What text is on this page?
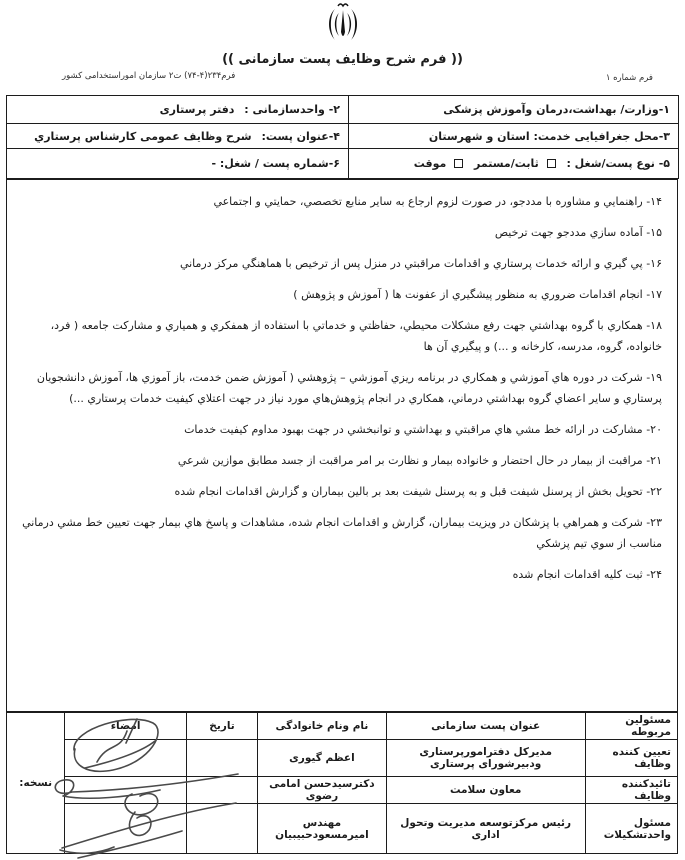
(( فرم شرح وظایف پست سازمانی ))
فرم شماره ۱
فرم۲۳۴(۴-۷۴) ت۲ سازمان اموراستخدامی کشور
۱-وزارت/ بهداشت،درمان وآموزش پزشکی	۲- واحدسازمانی : دفتر پرستاری
۳-محل جغرافیایی خدمت: استان و شهرستان	۴-عنوان پست: شرح وظایف عمومی کارشناس پرستاري
۵- نوع پست/شغل :  ثابت/مستمر  موقت	۶-شماره پست / شغل: -
۱۴- راهنمايي و مشاوره با مددجو، در صورت لزوم ارجاع به ساير منابع تخصصي، حمايتي و اجتماعي
۱۵- آماده سازي مددجو جهت ترخيص
۱۶- پي گيري و ارائه خدمات پرستاري و اقدامات مراقبتي در منزل پس از ترخيص با هماهنگي مركز درماني
۱۷- انجام اقدامات ضروري به منظور پيشگيري از عفونت ها ( آموزش و پژوهش )
۱۸- همكاري با گروه بهداشتي جهت رفع مشكلات محيطي، حفاظتي و خدماتي با استفاده از همفكري و همياري و مشاركت جامعه ( فرد، خانواده، گروه، مدرسه، كارخانه و ...) و پيگيري آن ها
۱۹- شركت در دوره هاي آموزشي و همكاري در برنامه ريزي آموزشي – پژوهشي ( آموزش ضمن خدمت، باز آموزي ها، آموزش دانشجويان پرستاري و ساير اعضاي گروه بهداشتي درماني، همكاري در انجام پژوهش‌هاي مورد نياز در جهت اعتلاي كيفيت خدمات پرستاري ...)
۲۰- مشاركت در ارائه خط مشي هاي مراقبتي و بهداشتي و توانبخشي در جهت بهبود مداوم كيفيت خدمات
۲۱- مراقبت از بيمار در حال احتضار و خانواده بيمار و نظارت بر امر مراقبت از جسد مطابق موازين شرعي
۲۲- تحويل بخش از پرسنل شيفت قبل و به پرسنل شيفت بعد بر بالين بيماران و گزارش اقدامات انجام شده
۲۳- شركت و همراهي با پزشكان در ويزيت بيماران، گزارش و اقدامات انجام شده، مشاهدات و پاسخ هاي بيمار جهت تعيين خط مشي درماني مناسب از سوي تيم پزشكي
۲۴- ثبت كليه اقدامات انجام شده
مسئولین مربوطه	عنوان پست سازمانی	نام ونام خانوادگی	تاریخ	امضاء	نسخه:
تعیین کننده وظایف	مدیرکل دفترامورپرستاری ودبیرشورای پرستاری	اعظم گیوری			
تائیدکننده وظایف	معاون سلامت	دکترسیدحسن امامی رضوی			
مسئول واحدتشکیلات	رئیس مرکزتوسعه مدیریت وتحول اداری	مهندس امیرمسعودحبیبیان			
